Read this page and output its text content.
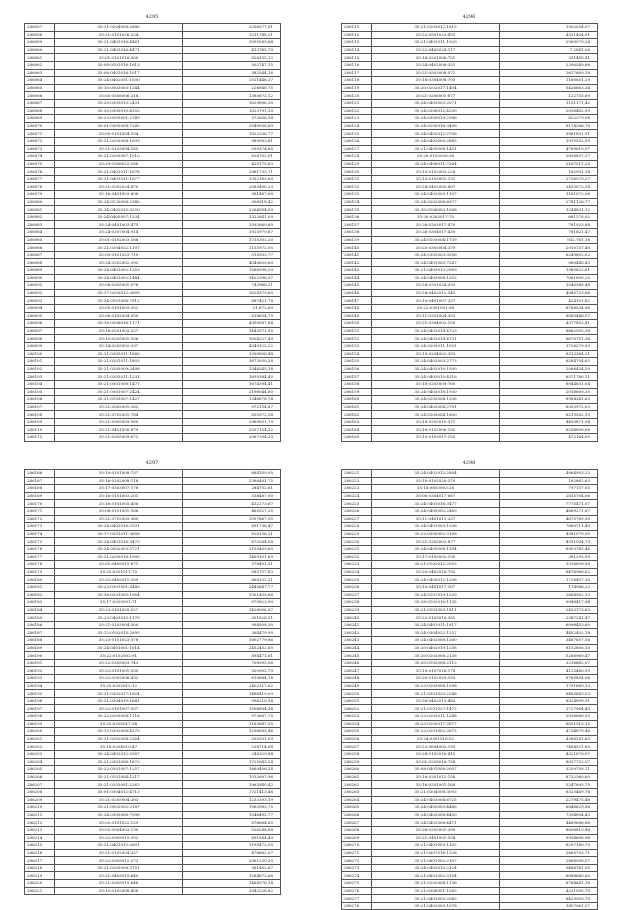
4295
286057	35:21:0204008:2880	2206577,91
286058	35:21:0101026:224	1211748,21
286059	35:21:0401016:4461	1055585,64
286060	35:21:0401016:4471	413765,79
286061	35:01:0101016:900	826155,12
286062	35:08:0101016:1613	502747,15
286063	35:08:0401016:1017	382544,16
286064	35:24:0402051:1030	2521446,37
286065	35:10:0503003:1244	226948,75
286066	35:05:0508006:316	1385672,12
286067	35:20:0309013:2431	1629896,30
286068	35:20:0305010:4102	1023791,30
286069	35:23:0203001:2749	372636,54
286070	35:01:0305004:7245	2540936,69
286071	35:05:0101004:104	1922236,77
286072	35:21:0203004:1699	989063,61
286073	35:21:0103004:185	259374,65
286074	35:21:0203007:1910	826752,01
286075	35:29:0306022:168	425175,63
286076	35:21:0401011:1678	2961733,71
286077	35:21:0401011:1677	1352163,60
286078	35:21:0202024:870	2585490,23
286079	35:16:0401003:608	361467,60
286080	35:24:0120008:2940	308918,42
286081	35:24:0402015:3250	2264954,09
286082	35:24:0405007:1234	1322641,09
286083	35:24:0401003:475	1592669,60
286084	35:24:0307004:914	1925979,87
286085	35:01:0102003:166	1735302,20
286086	35:21:0204022:1197	1155972,95
286087	35:05:0101023:710	915933,77
286088	35:24:0202002:392	4040659,60
286089	35:24:0401002:1353	1566398,20
286090	35:24:0401002:1444	1422396,97
286091	35:08:0305001:578	743968,21
286092	35:17:0203012:3605	1624379,60
286093	35:24:0101006:7912	687421,78
286094	35:05:0101003:352	21,872,69
286095	35:06:0102004:950	818654,79
286096	35:16:0306016:1171	4399087,84
286097	35:18:0201003:227	1445571,95
286098	35:10:0205001:106	1004227,49
286099	35:14:0205002:337	4349122,22
286100	35:21:0305011:1880	1399806,44
286101	35:21:0201011:1803	1673930,28
286102	35:21:0205009:2498	1348245,18
286103	35:21:0203011:1231	1695584,40
286104	35:21:0501008:1477	1674394,41
286105	35:21:0501007:2424	2196044,60
286106	35:21:0103007:1427	1346678,74
286107	35:21:0502001:262	972154,87
286108	35:21:0702001:784	835972,38
286109	35:21:0305009:560	2969831,70
286110	35:21:0401006:879	2537154,22
286111	35:21:0305009:672	2567394,23
4296
286111	35:21:0203012:1615	1952054,07
286112	35:22:0501023:491	4321454,01
286113	35:21:0401011:1929	2569579,24
286114	35:22:0405024:117	7,2841,08
286115	35:18:0201006:751	331458,41
286116	35:24:0402008:351	2396549,86
286117	35:21:0503008:572	2617869,18
286118	35:18:0304008:705	1160651,29
286119	35:20:0202017:1404	5426663,34
286120	35:21:0206001:877	122755,69
286121	35:24:0403003:2071	1151171,42
286122	35:24:0306012:4290	2096482,59
286123	35:24:0309019:2386	822279,08
286124	35:24:0205018:3496	6174286,78
286125	35:24:0402012:2706	5961891,91
286126	35:24:0402005:2685	1915552,59
286127	35:21:0405006:1451	4789610,97
286128	35:26:0102026:36	2838837,37
286129	35:24:0406011:7264	2167511,20
286130	35:10:0102003:228	182991,18
286131	35:10:0103001:132	2736579,27
286132	35:24:0402005:807	3433072,34
286133	35:24:0402005:1107	1161072,06
286134	35:24:0202008:6977	2781126,77
286135	35:10:0106003:1008	1244831,12
286136	35:20:0203017:70	681376,92
286137	35:26:0203017:470	781925,68
286138	35:26:0304017:430	781621,47
286139	35:24:0105004:1739	932,761,18
286140	35:25:0305004:379	2910737,40
286141	35:24:0302003:3056	6249602,02
286142	35:24:0401003:7247	980448,43
286143	35:21:0403013:2063	1385622,61
286144	35:24:0403008:1352	7061655,25
286145	35:24:0201024:392	1540388,48
286146	35:24:0402012:545	4945725,66
286147	35:10:0401007:257	424101,82
286148	35:22:0301001:99	6768534,90
286149	35:11:0201004:303	8063446,57
286150	35:21:0304002:150	4377852,41
286151	35:24:0403014:4723	8662995,38
286152	35:24:0403014:4731	6670701,36
286153	35:24:0203011:1001	3726279,93
286154	35:19:0204002:353	6313384,21
286155	35:24:0402003:2773	6284704,63
286156	35:24:0402010:1500	2066434,59
286157	35:24:0403010:4316	6371786,11
286158	35:18:0203009:760	8944631,04
286159	35:24:0403018:1930	2018609,35
286160	35:24:0202004:1536	8984341,63
286161	35:24:0402004:2791	6393972,03
286162	35:24:0203004:1800	6219582,19
286163	35:18:0203010:371	4493671,94
286164	35:18:0102006:192	6298899,66
286165	35:10:0103017:155	472164,00
4297
286166	35:10:0101008:737	684109,95
286167	35:16:0202008:118	2368401,75
286168	35:17:0503007:176	284752,61
286169	35:16:0101003:201	338487,90
286170	35:16:0101005:456	432273,67
286171	35:06:0101001:166	465527,35
286172	35:21:0702003:380	1597867,95
286173	35:24:0402016:3331	891738,47
286174	35:17:0201011:3658	826156,21
286175	35:24:0401016:3475	670264,08
286176	35:24:0502003:5721	2155409,60
286177	35:21:0205016:1900	1469101,69
286178	35:01:0405015:671	378491,51
286179	35:25:0201011:70	585757,83
286180	35:22:0402011:169	868132,21
286181	35:23:0301001:3449	2445647,77
286182	35:16:0201005:1964	1301409,66
286183	35:17:0203001:71	970823,90
286184	35:23:0101005:527	1426006,07
286185	35:23:0403015:1170	301626,31
286186	35:21:0103004:300	994908,30
286187	35:12:0102015:2895	364479,90
286188	35:23:0101023:378	1802779,86
286189	35:24:0401001:1014	2452452,85
286190	35:22:0102002:91	894471,61
286191	35:22:0305003:743	708995,06
286192	35:22:0101001:550	920902,79
286193	35:22:0302006:432	619884,76
286194	35:25:0202012:12	2402317,62
286195	35:21:0302017:1824	1486419,09
286196	35:21:0304019:1641	996210,34
286197	35:22:0101007:507	1506894,34
286198	35:22:0203004:1116	973667,75
286199	35:25:0205017:34	1163647,35
286200	35:15:0302006:4370	1296685,46
286201	35:21:0202004:2264	335301,09
286202	35:18:0204010:47	238714,08
286203	35:24:0402012:5587	248329,84
286204	35:21:0301006:1673	1725043,24
286205	35:22:0501007:1257	1669406,14
286206	35:21:0101004:1217	1032697,96
286207	35:21:0203001:2263	1963940,42
286208	35:01:0304012:4713	1721413,48
286209	35:21:0205004:283	1233393,19
286210	35:21:0502002:2187	1963983,75
286211	35:24:0305006:7096	1546492,77
286212	35:02:0101022:129	876664,65
286213	35:02:0504003:130	526248,88
286214	35:22:0305015:352	891564,40
286215	35:21:0401013:2601	1195472,05
286216	35:21:0102004:327	478862,07
286217	35:22:0305012:273	2361230,20
286218	35:21:0203008:3751	361452,67
286219	35:21:0403015:640	1284672,68
286220	35:21:0305015:648	1468376,14
286221	35:10:0102008:408	3342226,82
4298
286221	35:24:0402012:2804	4964993,23
286222	35:10:0102020:370	182862,63
286223	35:18:0603003:26	797157,05
286224	35:06:0304017:667	2815704,06
286225	35:24:0401016:3477	7775471,07
286226	35:24:0405002:2469	4669271,87
286227	35:11:0401013:257	4675789,30
286228	35:24:0401003:1036	7880711,49
286229	35:22:0305002:3108	4381070,95
286230	35:21:0205003:877	4351004,79
286231	35:24:0405006:1104	6903745,46
286232	35:17:0105002:195	381295,99
286233	35:21:0102012:2055	3316839,99
286234	35:20:0402016:792	6476966,62
286235	35:24:0405012:1206	1726497,30
286236	35:10:0401017:107	174946,23
286237	35:24:0107019:1239	2664962,13
286238	35:28:0102010:1135	9948417,94
286239	35:21:0101003:1811	2433173,63
286240	35:22:0103010:381	2387241,47
286241	35:24:0401011:1817	6996453,60
286242	35:24:0304022:1257	4452402,18
286243	35:24:0402008:1260	3467657,56
286244	35:20:0402019:1258	8152806,15
286245	35:20:0203008:2136	5266960,47
286246	35:20:0102008:2113	3216662,07
286247	35:10:0107016:178	4125480,59
286248	35:20:0102025:159	6785894,06
286249	35:23:0203006:1598	1751889,13
286250	35:21:0301020:2248	6483683,03
286251	35:26:0402013:482	8324899,91
286252	35:21:0101027:1472	3727964,40
286253	35:22:0203011:1248	2016686,53
286254	35:23:0205017:2877	6551915,15
286255	35:22:0201002:2672	4734879,46
286256	35:24:0301016:52	4386281,60
286257	35:23:0604002:193	7484521,85
286258	35:24:0102016:415	4321876,97
286259	35:01:0209016:758	8937752,07
286260	35:08:0401008:2007	3259758,11
286261	35:16:0201012:158	8752360,60
286262	35:16:0201001:168	5247695,75
286263	35:21:0304008:3093	8325469,76
286264	35:24:0403004:6725	2279475,48
286265	35:24:0405003:4486	6848629,86
286266	35:24:0402008:4400	7394894,43
286267	35:24:0402008:4471	4469686,86
286268	35:26:0203001:390	8896819,48
286269	35:21:0401001:104	9994698,96
286270	35:21:0401003:1102	6297180,70
286271	35:21:0307016:1328	2665793,71
286272	35:21:0601002:2107	2868958,07
286273	35:24:0402010:2124	9488761,55
286274	35:21:0801002:3154	6988640,69
286275	35:21:0202004:1136	6764641,18
286276	35:21:0306001:1065	4221095,75
286277	35:21:0401003:2045	8429950,75
286278	35:21:0402003:1078	1857961,27
